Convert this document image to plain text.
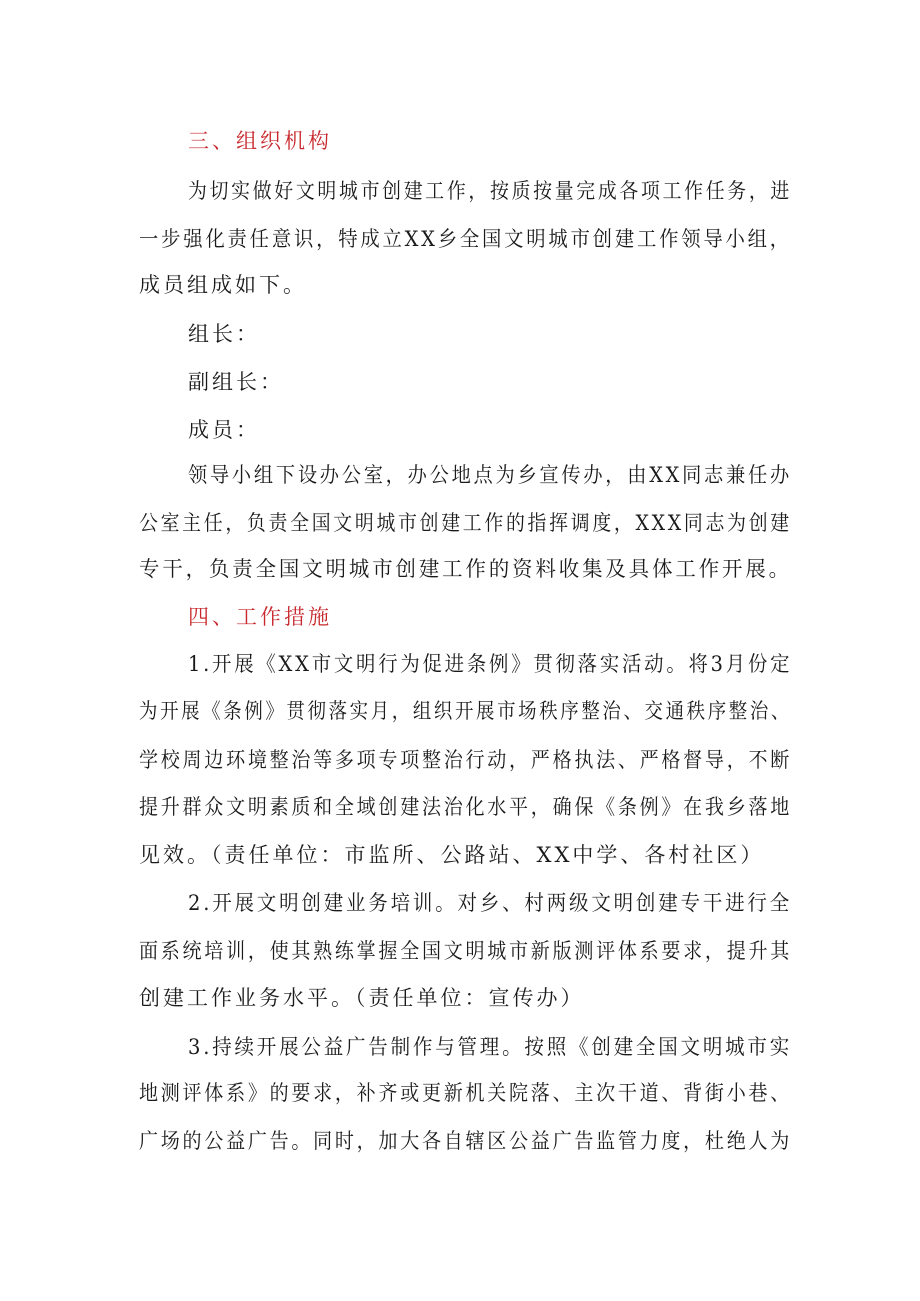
三、组织机构
为切实做好文明城市创建工作，按质按量完成各项工作任务，进
一步强化责任意识，特成立XX乡全国文明城市创建工作领导小组，
成员组成如下。
组长：
副组长：
成员：
领导小组下设办公室，办公地点为乡宣传办，由XX同志兼任办
公室主任，负责全国文明城市创建工作的指挥调度，XXX同志为创建
专干，负责全国文明城市创建工作的资料收集及具体工作开展。
四、工作措施
1.开展《XX市文明行为促进条例》贯彻落实活动。将3月份定
为开展《条例》贯彻落实月，组织开展市场秩序整治、交通秩序整治、
学校周边环境整治等多项专项整治行动，严格执法、严格督导，不断
提升群众文明素质和全域创建法治化水平，确保《条例》在我乡落地
见效。（责任单位：市监所、公路站、XX中学、各村社区）
2.开展文明创建业务培训。对乡、村两级文明创建专干进行全
面系统培训，使其熟练掌握全国文明城市新版测评体系要求，提升其
创建工作业务水平。（责任单位：宣传办）
3.持续开展公益广告制作与管理。按照《创建全国文明城市实
地测评体系》的要求，补齐或更新机关院落、主次干道、背街小巷、
广场的公益广告。同时，加大各自辖区公益广告监管力度，杜绝人为
